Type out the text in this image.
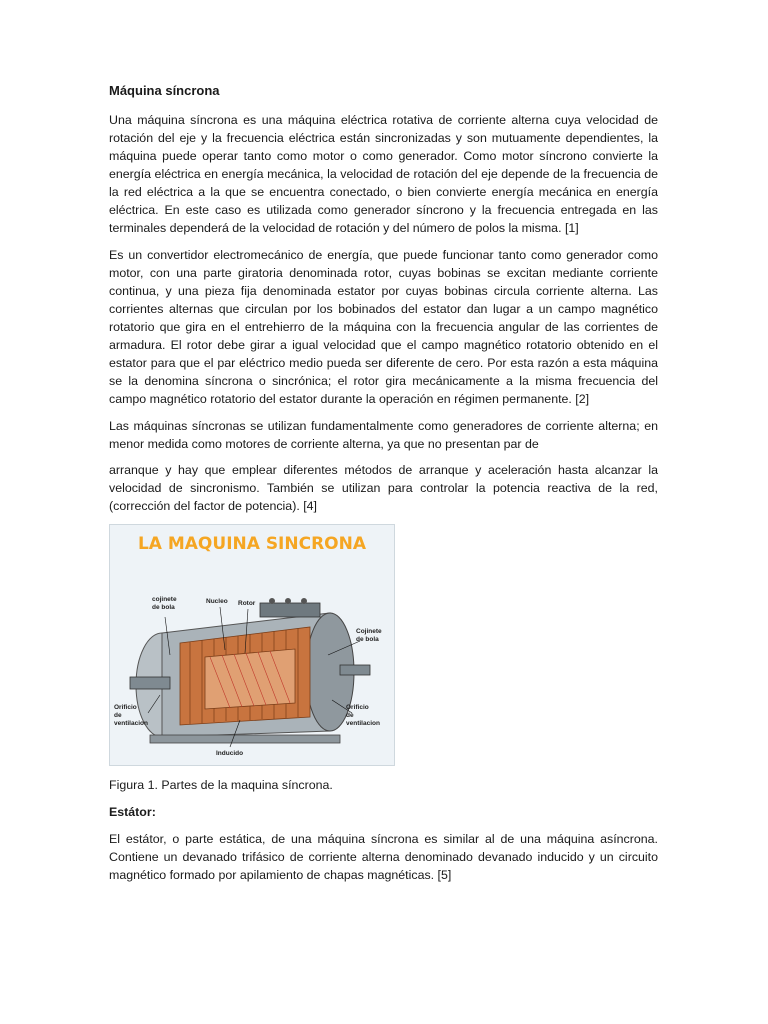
Máquina síncrona

Una máquina síncrona es una máquina eléctrica rotativa de corriente alterna cuya velocidad de rotación del eje y la frecuencia eléctrica están sincronizadas y son mutuamente dependientes, la máquina puede operar tanto como motor o como generador. Como motor síncrono convierte la energía eléctrica en energía mecánica, la velocidad de rotación del eje depende de la frecuencia de la red eléctrica a la que se encuentra conectado, o bien convierte energía mecánica en energía eléctrica. En este caso es utilizada como generador síncrono y la frecuencia entregada en las terminales dependerá de la velocidad de rotación y del número de polos la misma. [1]

Es un convertidor electromecánico de energía, que puede funcionar tanto como generador como motor, con una parte giratoria denominada rotor, cuyas bobinas se excitan mediante corriente continua, y una pieza fija denominada estator por cuyas bobinas circula corriente alterna. Las corrientes alternas que circulan por los bobinados del estator dan lugar a un campo magnético rotatorio que gira en el entrehierro de la máquina con la frecuencia angular de las corrientes de armadura. El rotor debe girar a igual velocidad que el campo magnético rotatorio obtenido en el estator para que el par eléctrico medio pueda ser diferente de cero. Por esta razón a esta máquina se la denomina síncrona o sincrónica; el rotor gira mecánicamente a la misma frecuencia del campo magnético rotatorio del estator durante la operación en régimen permanente. [2]

Las máquinas síncronas se utilizan fundamentalmente como generadores de corriente alterna; en menor medida como motores de corriente alterna, ya que no presentan par de

arranque y hay que emplear diferentes métodos de arranque y aceleración hasta alcanzar la velocidad de sincronismo. También se utilizan para controlar la potencia reactiva de la red, (corrección del factor de potencia). [4]

LA MAQUINA SINCRONA
cojinete
de bola
Nucleo Rotor
Cojinete
de bola
Orificio
de
ventilacion
Orificio
de
ventilacion
Inducido
Figura 1. Partes de la maquina síncrona.
Estátor:

El estátor, o parte estática, de una máquina síncrona es similar al de una máquina asíncrona. Contiene un devanado trifásico de corriente alterna denominado devanado inducido y un circuito magnético formado por apilamiento de chapas magnéticas. [5]
